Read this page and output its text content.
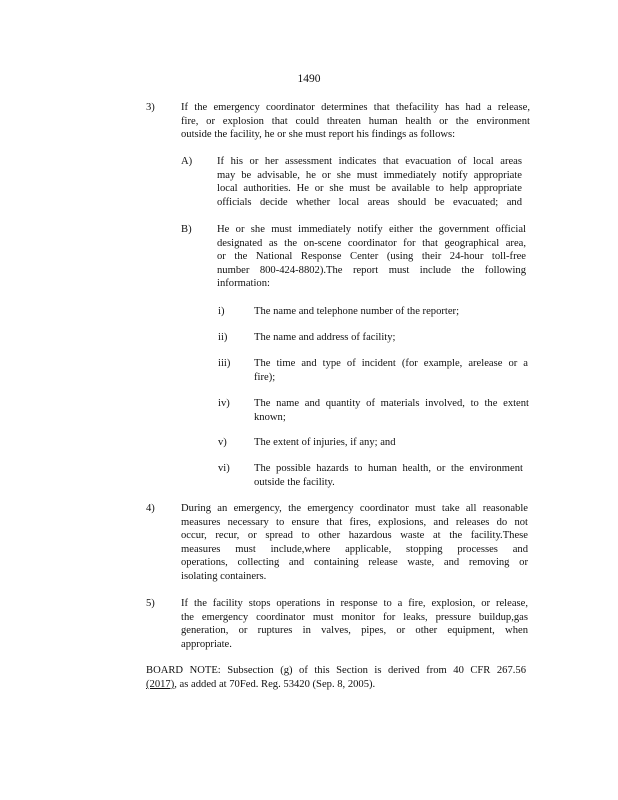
1490
3) If the emergency coordinator determines that thefacility has had a release,
fire, or explosion that could threaten human health or the environment
outside the facility, he or she must report his findings as follows:
A) If his or her assessment indicates that evacuation of local areas
may be advisable, he or she must immediately notify appropriate
local authorities. He or she must be available to help appropriate
officials decide whether local areas should be evacuated; and
B) He or she must immediately notify either the government official
designated as the on-scene coordinator for that geographical area,
or the National Response Center (using their 24-hour toll-free
number 800-424-8802).The report must include the following
information:
i)	The name and telephone number of the reporter;
ii)	The name and address of facility;
iii) The time and type of incident (for example, arelease or a
fire);
iv) The name and quantity of materials involved, to the extent
known;
v)	The extent of injuries, if any; and
vi) The possible hazards to human health, or the environment
outside the facility.
4) During an emergency, the emergency coordinator must take all reasonable
measures necessary to ensure that fires, explosions, and releases do not
occur, recur, or spread to other hazardous waste at the facility.These
measures must include,where applicable, stopping processes and
operations, collecting and containing release waste, and removing or
isolating containers.
5) If the facility stops operations in response to a fire, explosion, or release,
the emergency coordinator must monitor for leaks, pressure buildup,gas
generation, or ruptures in valves, pipes, or other equipment, when
appropriate.
BOARD NOTE: Subsection (g) of this Section is derived from 40 CFR 267.56
(2017), as added at 70Fed. Reg. 53420 (Sep. 8, 2005).
